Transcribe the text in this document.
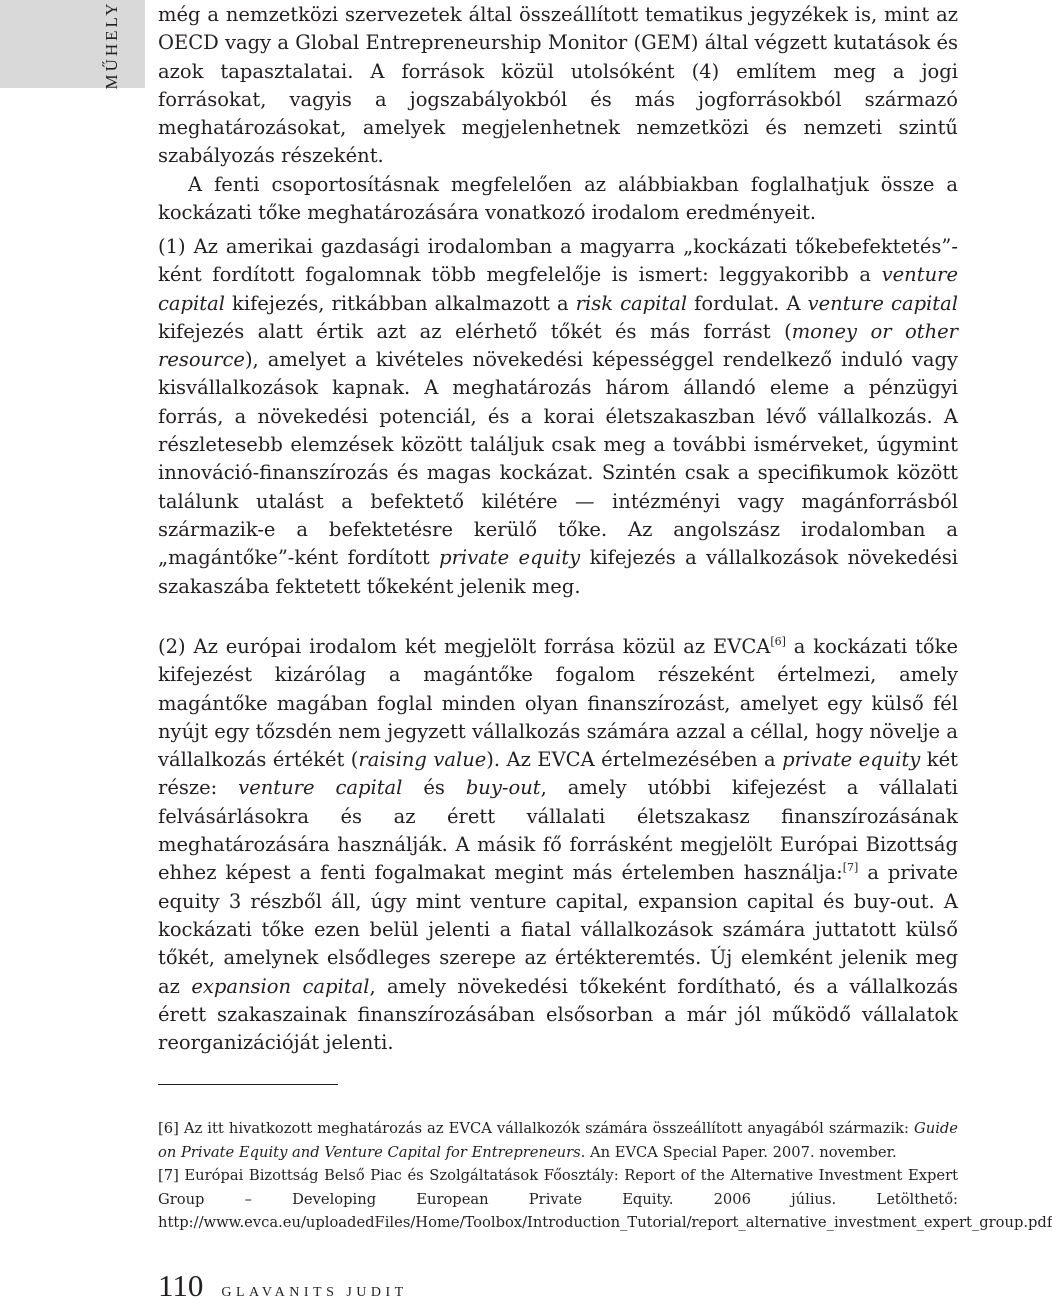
MŰHELY még a nemzetközi szervezetek által összeállított tematikus jegyzékek is, mint az OECD vagy a Global Entrepreneurship Monitor (GEM) által végzett kutatások és azok tapasztalatai. A források közül utolsóként (4) említem meg a jogi forrásokat, vagyis a jogszabályokból és más jogforrásokból származó meghatározásokat, amelyek megjelenhetnek nemzetközi és nemzeti szintű szabályozás részeként.

A fenti csoportosításnak megfelelően az alábbiakban foglalhatjuk össze a kockázati tőke meghatározására vonatkozó irodalom eredményeit.

(1) Az amerikai gazdasági irodalomban a magyarra „kockázati tőkebefektetés”-ként fordított fogalomnak több megfelelője is ismert: leggyakoribb a venture capital kifejezés, ritkábban alkalmazott a risk capital fordulat. A venture capital kifejezés alatt értik azt az elérhető tőkét és más forrást (money or other resource), amelyet a kivételes növekedési képességgel rendelkező induló vagy kisvállalkozások kapnak. A meghatározás három állandó eleme a pénzügyi forrás, a növekedési potenciál, és a korai életszakaszban lévő vállalkozás. A részletesebb elemzések között találjuk csak meg a további ismérveket, úgymint innováció-finanszírozás és magas kockázat. Szintén csak a specifikumok között találunk utalást a befektető kilétére — intézményi vagy magánforrásból származik-e a befektetésre kerülő tőke. Az angolszász irodalomban a „magántőke”-ként fordított private equity kifejezés a vállalkozások növekedési szakaszába fektetett tőkeként jelenik meg.

(2) Az európai irodalom két megjelölt forrása közül az EVCA[6] a kockázati tőke kifejezést kizárólag a magántőke fogalom részeként értelmezi, amely magántőke magában foglal minden olyan finanszírozást, amelyet egy külső fél nyújt egy tőzsdén nem jegyzett vállalkozás számára azzal a céllal, hogy növelje a vállalkozás értékét (raising value). Az EVCA értelmezésében a private equity két része: venture capital és buy-out, amely utóbbi kifejezést a vállalati felvásárlásokra és az érett vállalati életszakasz finanszírozásának meghatározására használják. A másik fő forrásként megjelölt Európai Bizottság ehhez képest a fenti fogalmakat megint más értelemben használja:[7] a private equity 3 részből áll, úgy mint venture capital, expansion capital és buy-out. A kockázati tőke ezen belül jelenti a fiatal vállalkozások számára juttatott külső tőkét, amelynek elsődleges szerepe az értékteremtés. Új elemként jelenik meg az expansion capital, amely növekedési tőkeként fordítható, és a vállalkozás érett szakaszainak finanszírozásában elsősorban a már jól működő vállalatok reorganizációját jelenti.

[6] Az itt hivatkozott meghatározás az EVCA vállalkozók számára összeállított anyagából származik: Guide on Private Equity and Venture Capital for Entrepreneurs. An EVCA Special Paper. 2007. november.

[7] Európai Bizottság Belső Piac és Szolgáltatások Főosztály: Report of the Alternative Investment Expert Group – Developing European Private Equity. 2006 július. Letölthető: http://www.evca.eu/uploadedFiles/Home/Toolbox/Introduction_Tutorial/report_alternative_investment_expert_group.pdf

110 GLAVANITS JUDIT
